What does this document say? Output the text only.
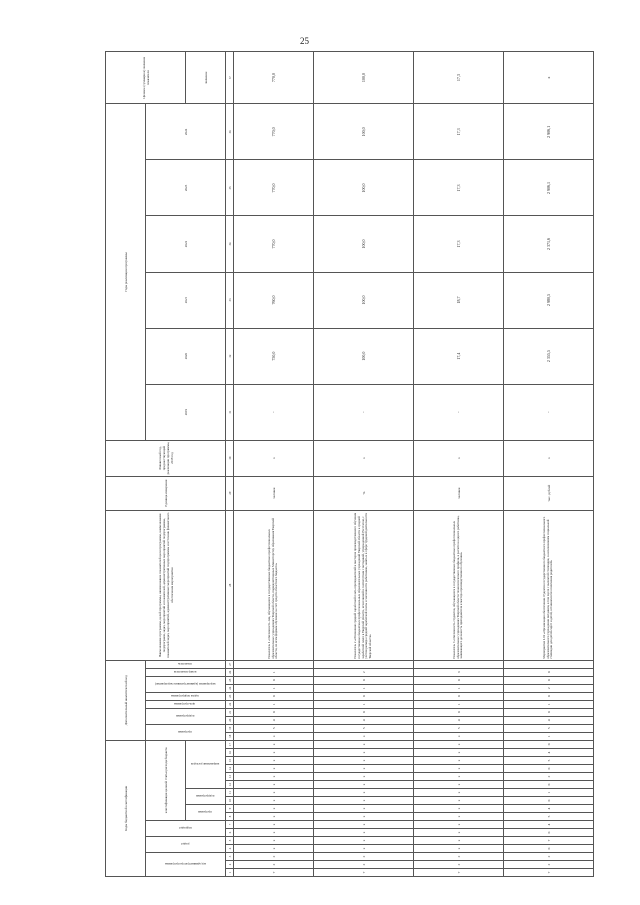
25
Коды бюджетной классификации																	Дополнительный аналитический код										Наименование программы, целей программы, наименование показателей цели программы, наименование подпрограмм, задач, мероприятий и показателей, административных мероприятий подпрограммы, показателей задач, мероприятий, административных мероприятий подпрограммы и источник финансового обеспечения мероприятия	Единица измерения	Финансовый год, предшествующий реализации программы, 2018 год	Годы реализации программы						Целевое (суммарное) значение показателя
код администратора программы			раздел		подраздел		классификация целевой статьи расхода бюджета										программа		подпрограмма		цель программы	задача подпрограммы	мероприятие (административное мероприятие)		номер показателя	показатель				2019	2020	2021	2022	2023	2024	
							программа		подпрограмма		направление расходов																									значение
1	2	3	4	5	6	7	8	9	10	11	12	13	14	15	16	17	18	19	20	21	22	23	24	25	26	27	28	29	30	31	32	33	34	35	36	37
7	2	2	x	x	x	x	x	x	x	x	x	x	x	x	x	x	x	5	4	0	1	0	1	0	1		Показатель 1 «Численность лиц, обучающихся в государственных бюджетных профессиональных образовательных учреждениях Тверской области, подведомственных Министерству образования Тверской области, по всем формам обучения за счет средств областного бюджета»	человек	x	-	750,0	760,0	770,0	770,0	770,0	770,0
7	2	2	x	x	x	x	x	x	x	x	x	x	x	x	x	x	x	5	4	0	1	0	1	0	2		Показатель 2 «Отношение средней заработной платы преподавателей и мастеров производственного обучения государственных бюджетных профессиональных образовательных учреждений Тверской области к средней заработной плате в Тверской области, исчисляемой в соответствии с методикой, утвержденной Росстатом, с учетом размера средней заработной платы и численности работников, занятых в сфере трудовой деятельности Тверской области»	%	x	-	100,0	100,0	100,0	100,0	100,0	100,0
7	2	2	x	x	x	x	x	x	x	x	x	x	x	x	x	x	x	5	4	0	1	0	1	0	3		Показатель 3 «Численность студентов, обучающихся в государственных бюджетных профессиональных образовательных учреждениях Тверской области технологического профиля, в расчете на одного работника, занимающего должность преподавателя и мастера производственного обучения»	человек	x	-	17,4	18,7	17,3	17,3	17,3	17,3
7	2	2	0	7	0	4	5	4	0	1	0	2	0	5	4	0	1	5	4	0	1	0	2	0	0		Мероприятие 1.02 «Организация обеспечения студентов государственного бюджетного профессионального образовательного учреждения питанием, в том числе с выплатой стипендии, за исключением социальной стипендии для детей-сирот и детей, оставшихся без попечения родителей»	тыс. рублей	x	-	2 355,5	2 980,5	2 371,6	2 906,1	2 906,1	x
